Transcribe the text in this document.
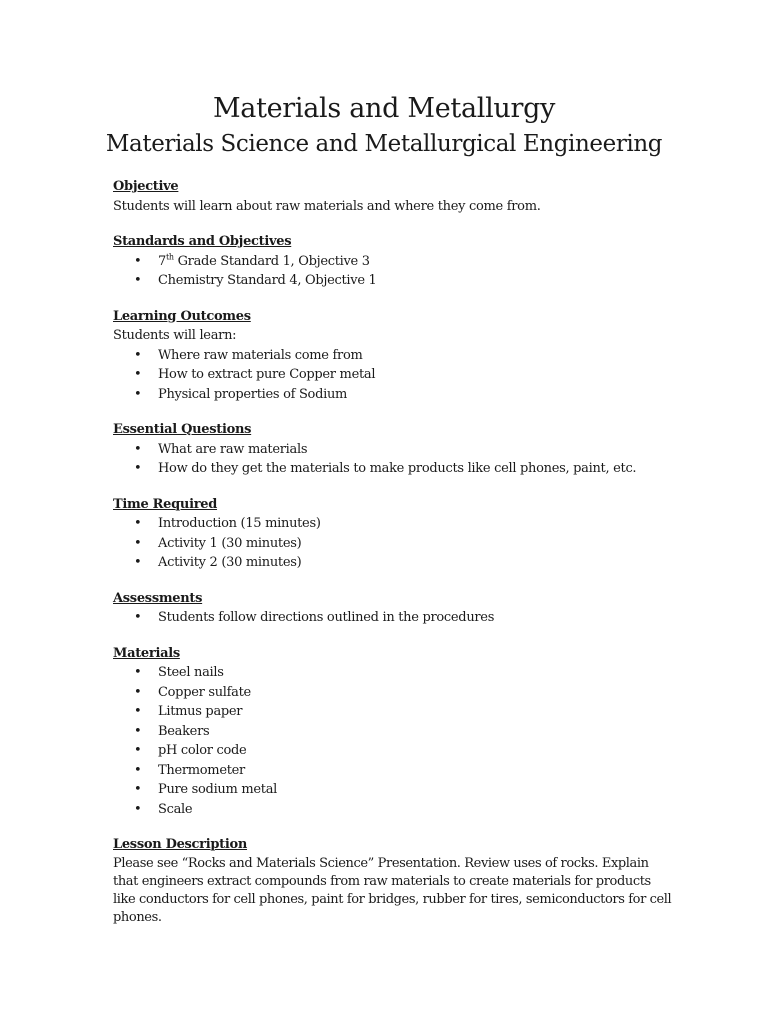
Materials and Metallurgy
Materials Science and Metallurgical Engineering

Objective

Students will learn about raw materials and where they come from.

Standards and Objectives

• 7th Grade Standard 1, Objective 3
• Chemistry Standard 4, Objective 1

Learning Outcomes

Students will learn:

• Where raw materials come from
• How to extract pure Copper metal
• Physical properties of Sodium

Essential Questions

• What are raw materials
• How do they get the materials to make products like cell phones, paint, etc.

Time Required

• Introduction (15 minutes)
• Activity 1 (30 minutes)
• Activity 2 (30 minutes)

Assessments

• Students follow directions outlined in the procedures

Materials

• Steel nails
• Copper sulfate
• Litmus paper
• Beakers
• pH color code
• Thermometer
• Pure sodium metal
• Scale

Lesson Description

Please see “Rocks and Materials Science” Presentation. Review uses of rocks. Explain

that engineers extract compounds from raw materials to create materials for products

like conductors for cell phones, paint for bridges, rubber for tires, semiconductors for cell

phones.
